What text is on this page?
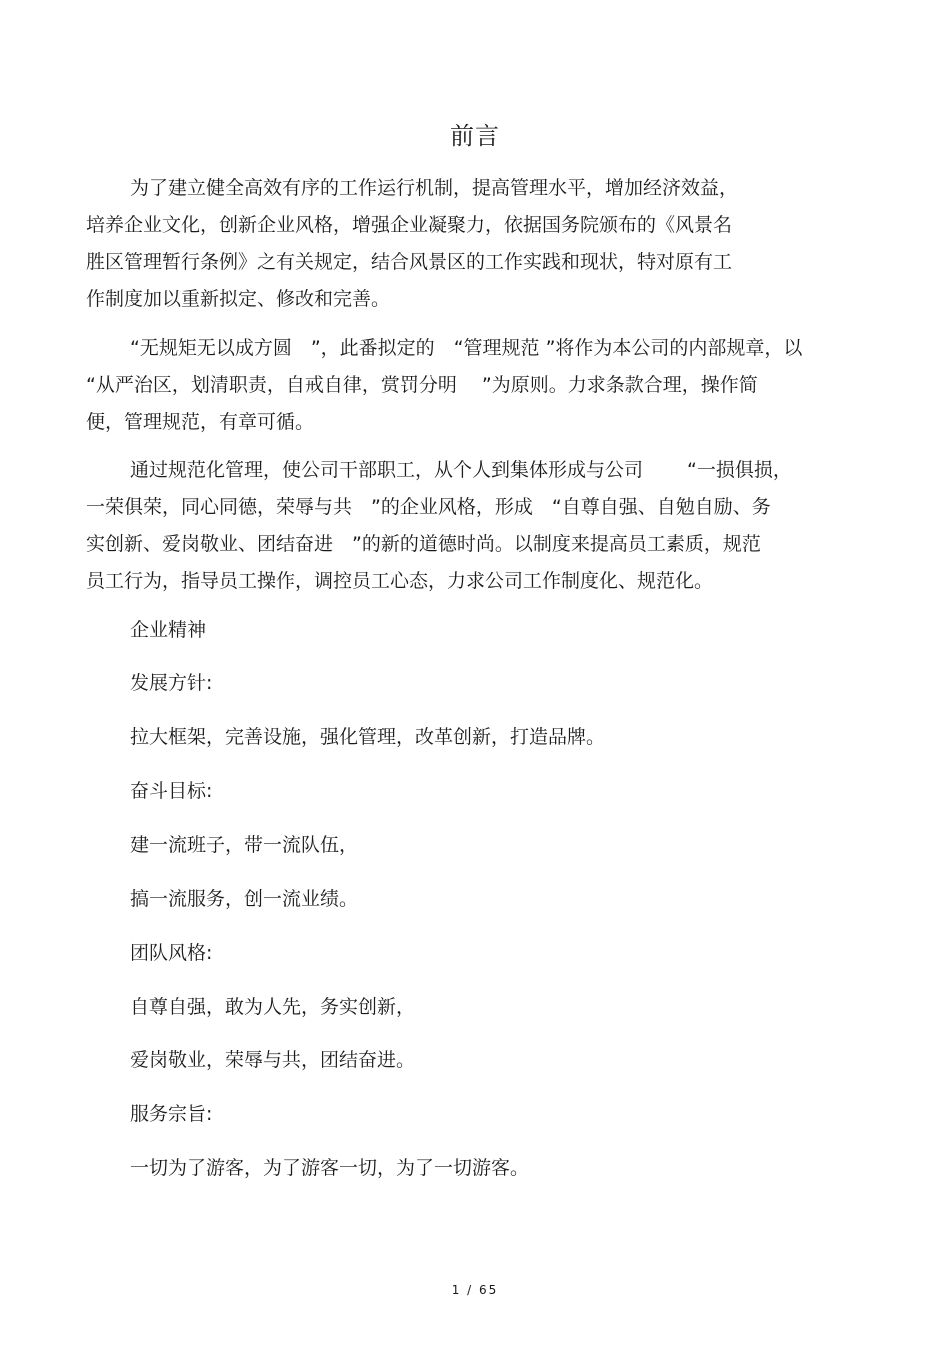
前言

为了建立健全高效有序的工作运行机制，提高管理水平，增加经济效益，
培养企业文化，创新企业风格，增强企业凝聚力，依据国务院颁布的《风景名
胜区管理暂行条例》之有关规定，结合风景区的工作实践和现状，特对原有工
作制度加以重新拟定、修改和完善。

“无规矩无以成方圆　”，此番拟定的　“管理规范 ”将作为本公司的内部规章，以
“从严治区，划清职责，自戒自律，赏罚分明　 ”为原则。力求条款合理，操作简
便，管理规范，有章可循。

通过规范化管理，使公司干部职工，从个人到集体形成与公司　　 “一损俱损，
一荣俱荣，同心同德，荣辱与共　”的企业风格，形成　“自尊自强、自勉自励、务
实创新、爱岗敬业、团结奋进　”的新的道德时尚。以制度来提高员工素质，规范
员工行为，指导员工操作，调控员工心态，力求公司工作制度化、规范化。

企业精神

发展方针:

拉大框架，完善设施，强化管理，改革创新，打造品牌。

奋斗目标:

建一流班子，带一流队伍，

搞一流服务，创一流业绩。

团队风格:

自尊自强，敢为人先，务实创新，

爱岗敬业，荣辱与共，团结奋进。

服务宗旨:

一切为了游客，为了游客一切，为了一切游客。

1 / 65
